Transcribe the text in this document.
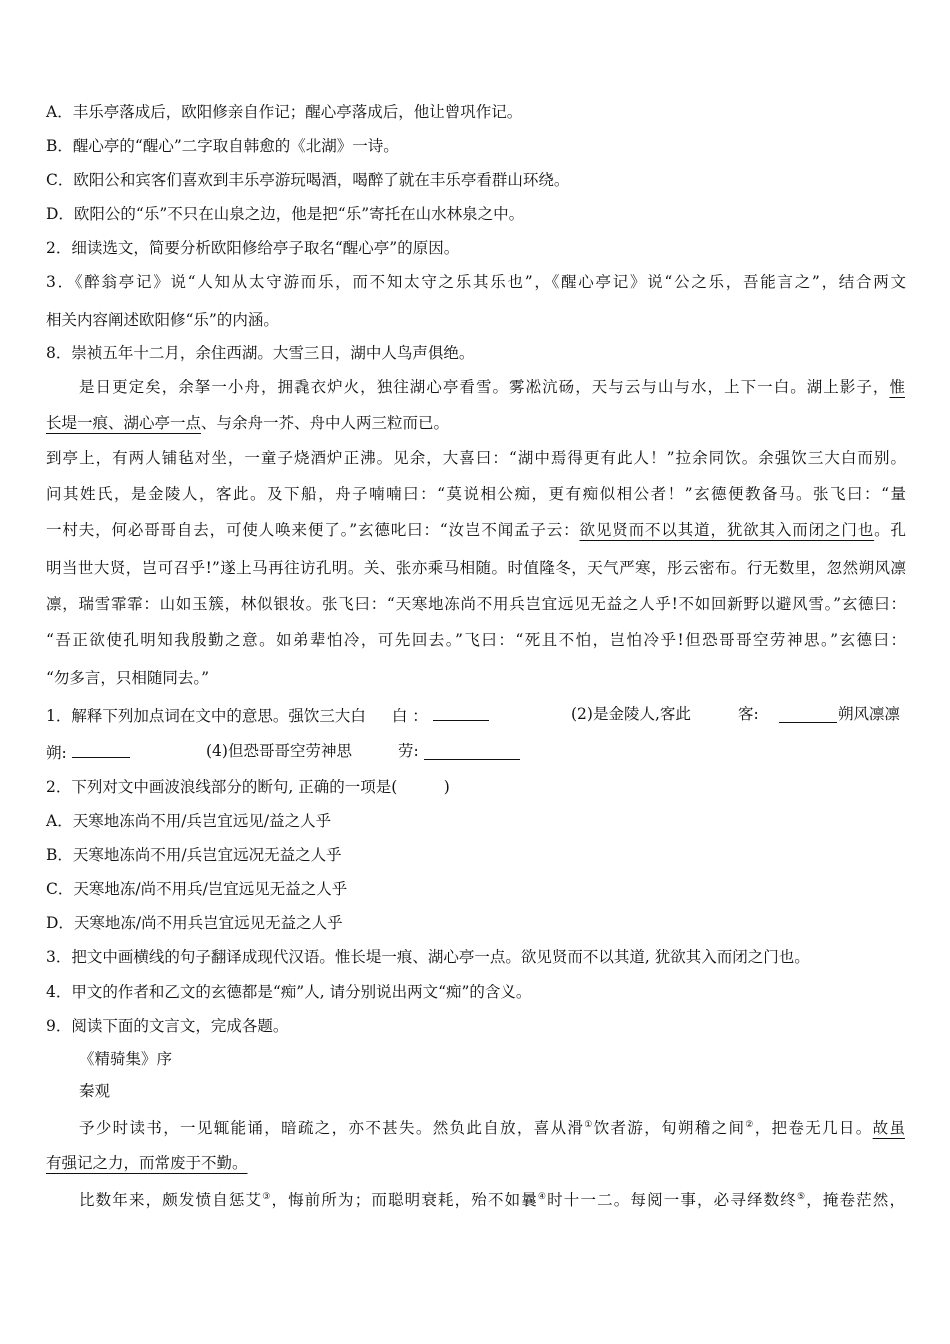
A．丰乐亭落成后，欧阳修亲自作记；醒心亭落成后，他让曾巩作记。
B．醒心亭的“醒心”二字取自韩愈的《北湖》一诗。
C．欧阳公和宾客们喜欢到丰乐亭游玩喝酒，喝醉了就在丰乐亭看群山环绕。
D．欧阳公的“乐”不只在山泉之边，他是把“乐”寄托在山水林泉之中。
2．细读选文，简要分析欧阳修给亭子取名“醒心亭”的原因。
3．《醉翁亭记》说“人知从太守游而乐，而不知太守之乐其乐也”，《醒心亭记》说“公之乐，吾能言之”，结合两文
相关内容阐述欧阳修“乐”的内涵。
8．崇祯五年十二月，余住西湖。大雪三日，湖中人鸟声俱绝。
是日更定矣，余拏一小舟，拥毳衣炉火，独往湖心亭看雪。雾凇沆砀，天与云与山与水，上下一白。湖上影子，惟
长堤一痕、湖心亭一点、与余舟一芥、舟中人两三粒而已。
到亭上，有两人铺毡对坐，一童子烧酒炉正沸。见余，大喜曰：“湖中焉得更有此人！”拉余同饮。余强饮三大白而别。
问其姓氏，是金陵人，客此。及下船，舟子喃喃曰：“莫说相公痴，更有痴似相公者！”玄德便教备马。张飞曰：“量
一村夫，何必哥哥自去，可使人唤来便了。”玄德叱曰：“汝岂不闻孟子云：欲见贤而不以其道，犹欲其入而闭之门也。孔
明当世大贤，岂可召乎!”遂上马再往访孔明。关、张亦乘马相随。时值隆冬，天气严寒，彤云密布。行无数里，忽然朔风凛
凛，瑞雪霏霏：山如玉簇，林似银妆。张飞曰：“天寒地冻尚不用兵岂宜远见无益之人乎!不如回新野以避风雪。”玄德曰：
“吾正欲使孔明知我殷勤之意。如弟辈怕冷，可先回去。”飞曰：“死且不怕，岂怕冷乎!但恐哥哥空劳神思。”玄德曰：
“勿多言，只相随同去。”
1．解释下列加点词在文中的意思。强饮三大白 白 ：	(2)是金陵人,客此	客:	朔风凛凛
朔:	(4)但恐哥哥空劳神思	劳:
2．下列对文中画波浪线部分的断句, 正确的一项是(　　　)
A．天寒地冻尚不用/兵岂宜远见/益之人乎
B．天寒地冻尚不用/兵岂宜远况无益之人乎
C．天寒地冻/尚不用兵/岂宜远见无益之人乎
D．天寒地冻/尚不用兵岂宜远见无益之人乎
3．把文中画横线的句子翻译成现代汉语。惟长堤一痕、湖心亭一点。欲见贤而不以其道, 犹欲其入而闭之门也。
4．甲文的作者和乙文的玄德都是“痴”人, 请分别说出两文“痴”的含义。
9．阅读下面的文言文，完成各题。
《精骑集》序
秦观
予少时读书，一见辄能诵，暗疏之，亦不甚失。然负此自放，喜从滑①饮者游，旬朔稽之间②，把卷无几日。故虽
有强记之力，而常废于不勤。
比数年来，颇发愤自惩艾③，悔前所为；而聪明衰耗，殆不如曩④时十一二。每阅一事，必寻绎数终⑤，掩卷茫然，
